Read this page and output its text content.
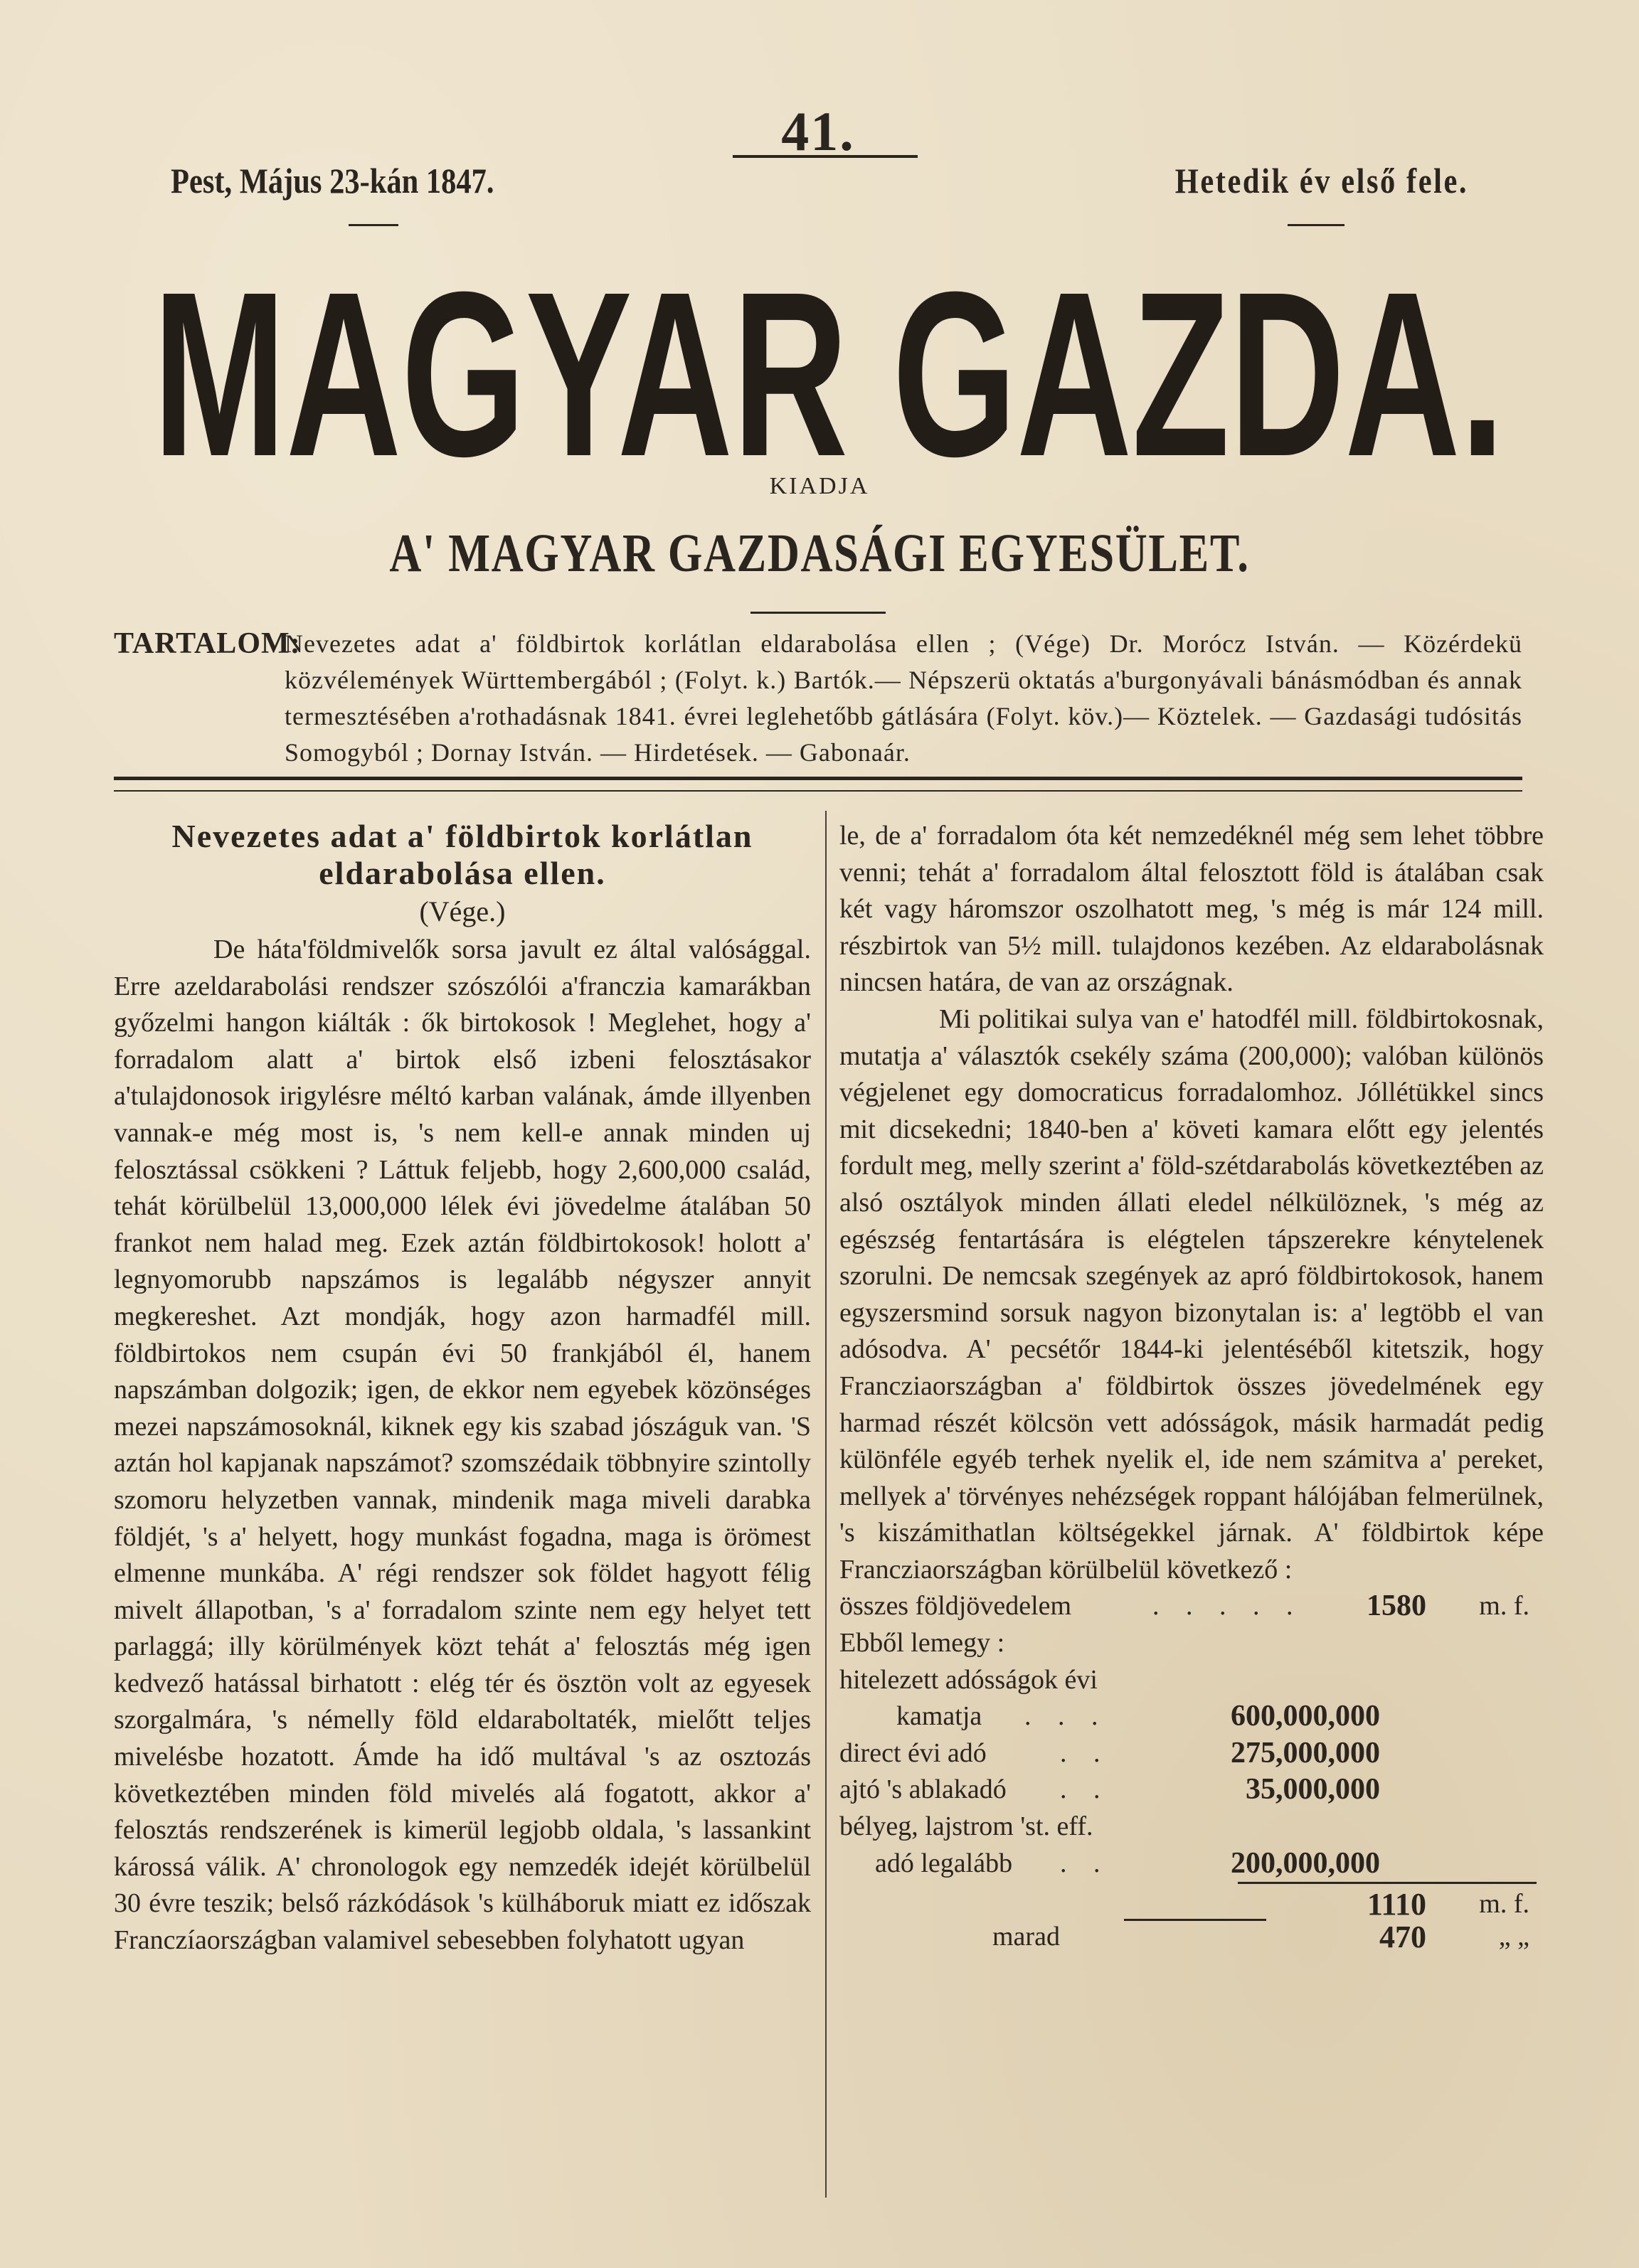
41.
Pest, Május 23-kán 1847.	Hetedik év első fele.
MAGYAR GAZDA.
KIADJA
A' MAGYAR GAZDASÁGI EGYESÜLET.
TARTALOM:
Nevezetes adat a' földbirtok korlátlan eldarabolása ellen ; (Vége) Dr. Morócz István. — Közérdekü közvélemények Württembergából ; (Folyt. k.) Bartók.— Népszerü oktatás a'burgonyávali bánásmódban és annak termesztésében a'rothadásnak 1841. évrei leglehetőbb gátlására (Folyt. köv.)— Köztelek. — Gazdasági tudósitás Somogyból ; Dornay István. — Hirdetések. — Gabonaár.
Nevezetes adat a' földbirtok korlátlan eldarabolása ellen.
(Vége.)

De háta'földmivelők sorsa javult ez által valósággal. Erre azeldarabolási rendszer szószólói a'franczia kamarákban győzelmi hangon kiálták : ők birtokosok ! Meglehet, hogy a' forradalom alatt a' birtok első izbeni felosztásakor a'tulajdonosok irigylésre méltó karban valának, ámde illyenben vannak-e még most is, 's nem kell-e annak minden uj felosztással csökkeni ? Láttuk feljebb, hogy 2,600,000 család, tehát körülbelül 13,000,000 lélek évi jövedelme átalában 50 frankot nem halad meg. Ezek aztán földbirtokosok! holott a' legnyomorubb napszámos is legalább négyszer annyit megkereshet. Azt mondják, hogy azon harmadfél mill. földbirtokos nem csupán évi 50 frankjából él, hanem napszámban dolgozik; igen, de ekkor nem egyebek közönséges mezei napszámosoknál, kiknek egy kis szabad jószáguk van. 'S aztán hol kapjanak napszámot? szomszédaik többnyire szintolly szomoru helyzetben vannak, mindenik maga miveli darabka földjét, 's a' helyett, hogy munkást fogadna, maga is örömest elmenne munkába. A' régi rendszer sok földet hagyott félig mivelt állapotban, 's a' forradalom szinte nem egy helyet tett parlaggá; illy körülmények közt tehát a' felosztás még igen kedvező hatással birhatott : elég tér és ösztön volt az egyesek szorgalmára, 's némelly föld eldaraboltaték, mielőtt teljes mivelésbe hozatott. Ámde ha idő multával 's az osztozás következtében minden föld mivelés alá fogatott, akkor a' felosztás rendszerének is kimerül legjobb oldala, 's lassankint károssá válik. A' chronologok egy nemzedék idejét körülbelül 30 évre teszik; belső rázkódások 's külháboruk miatt ez időszak Franczíaországban valamivel sebesebben folyhatott ugyan

le, de a' forradalom óta két nemzedéknél még sem lehet többre venni; tehát a' forradalom által felosztott föld is átalában csak két vagy háromszor oszolhatott meg, 's még is már 124 mill. részbirtok van 5½ mill. tulajdonos kezében. Az eldarabolásnak nincsen határa, de van az országnak.

Mi politikai sulya van e' hatodfél mill. földbirtokosnak, mutatja a' választók csekély száma (200,000); valóban különös végjelenet egy domocraticus forradalomhoz. Jóllétükkel sincs mit dicsekedni; 1840-ben a' követi kamara előtt egy jelentés fordult meg, melly szerint a' föld-szétdarabolás következtében az alsó osztályok minden állati eledel nélkülöznek, 's még az egészség fentartására is elégtelen tápszerekre kénytelenek szorulni. De nemcsak szegények az apró földbirtokosok, hanem egyszersmind sorsuk nagyon bizonytalan is: a' legtöbb el van adósodva. A' pecsétőr 1844-ki jelentéséből kitetszik, hogy Francziaországban a' földbirtok összes jövedelmének egy harmad részét kölcsön vett adósságok, másik harmadát pedig különféle egyéb terhek nyelik el, ide nem számitva a' pereket, mellyek a' törvényes nehézségek roppant hálójában felmerülnek, 's kiszámithatlan költségekkel járnak. A' földbirtok képe Francziaországban körülbelül következő :

összes földjövedelem	. . . . . 1580 m. f.
Ebből lemegy :
hitelezett adósságok évi
kamatja . . .	600,000,000
direct évi adó	. .	275,000,000
ajtó 's ablakadó . .	35,000,000
bélyeg, lajstrom 'st. eff.
adó legalább . .	200,000,000
1110 m. f.
marad	470	„ „
